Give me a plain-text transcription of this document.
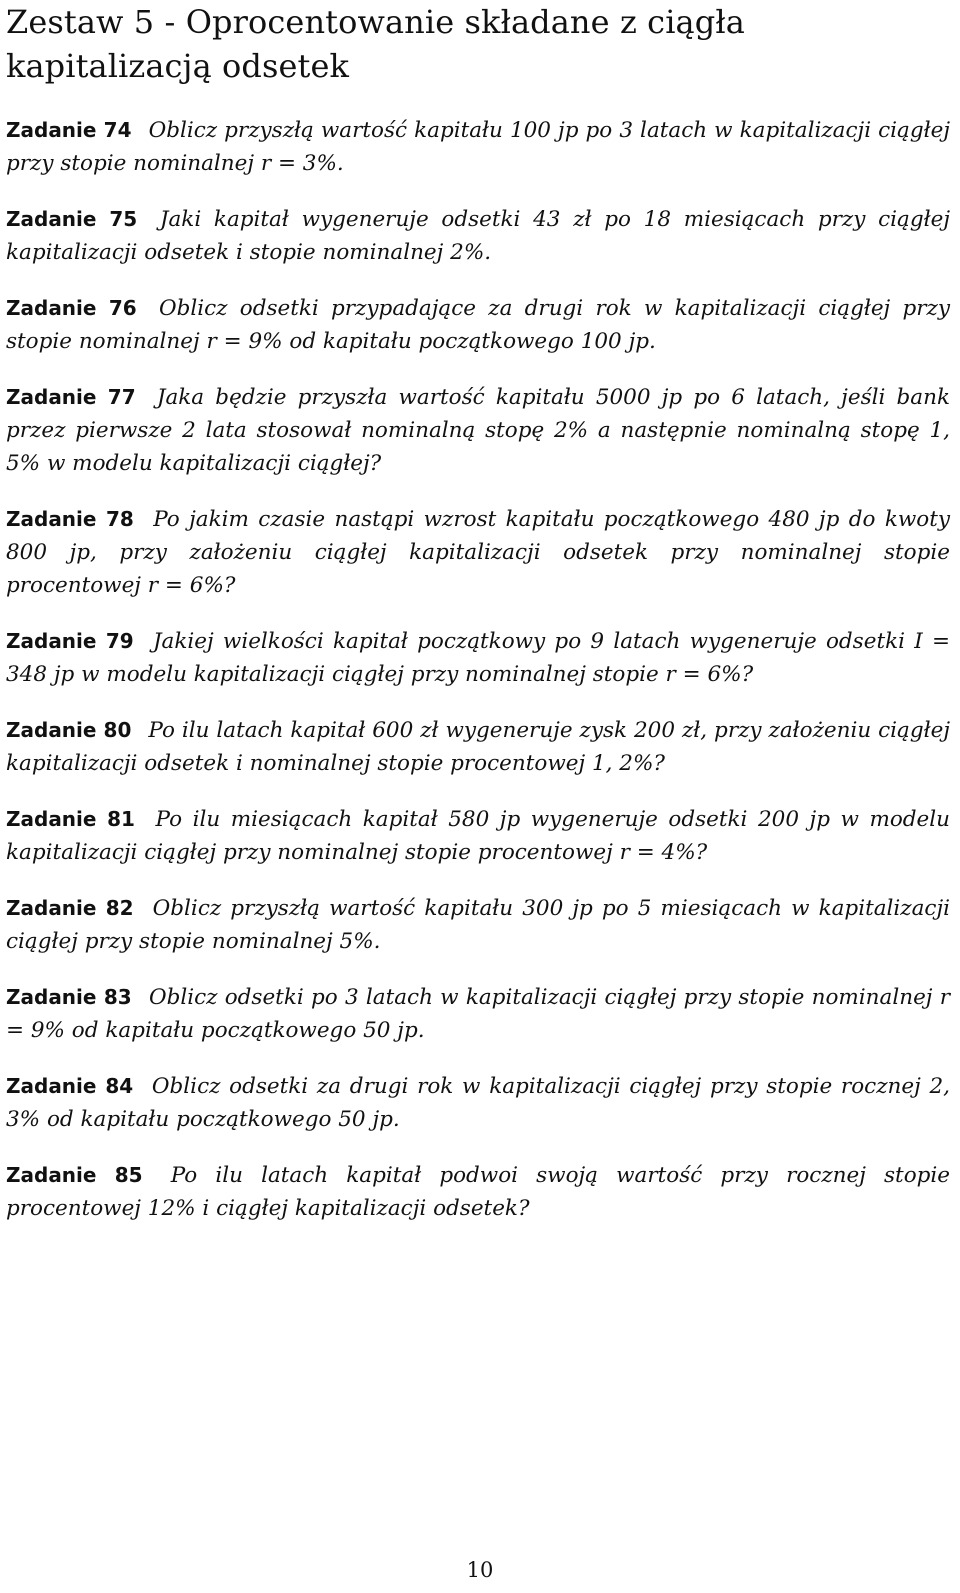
Zestaw 5 - Oprocentowanie składane z ciągła kapitalizacją odsetek

Zadanie 74 Oblicz przyszłą wartość kapitału 100 jp po 3 latach w kapitalizacji ciągłej przy stopie nominalnej r = 3%.

Zadanie 75 Jaki kapitał wygeneruje odsetki 43 zł po 18 miesiącach przy ciągłej kapitalizacji odsetek i stopie nominalnej 2%.

Zadanie 76 Oblicz odsetki przypadające za drugi rok w kapitalizacji ciągłej przy stopie nominalnej r = 9% od kapitału początkowego 100 jp.

Zadanie 77 Jaka będzie przyszła wartość kapitału 5000 jp po 6 latach, jeśli bank przez pierwsze 2 lata stosował nominalną stopę 2% a następnie nominalną stopę 1, 5% w modelu kapitalizacji ciągłej?

Zadanie 78 Po jakim czasie nastąpi wzrost kapitału początkowego 480 jp do kwoty 800 jp, przy założeniu ciągłej kapitalizacji odsetek przy nominalnej stopie procentowej r = 6%?

Zadanie 79 Jakiej wielkości kapitał początkowy po 9 latach wygeneruje odsetki I = 348 jp w modelu kapitalizacji ciągłej przy nominalnej stopie r = 6%?

Zadanie 80 Po ilu latach kapitał 600 zł wygeneruje zysk 200 zł, przy założeniu ciągłej kapitalizacji odsetek i nominalnej stopie procentowej 1, 2%?

Zadanie 81 Po ilu miesiącach kapitał 580 jp wygeneruje odsetki 200 jp w modelu kapitalizacji ciągłej przy nominalnej stopie procentowej r = 4%?

Zadanie 82 Oblicz przyszłą wartość kapitału 300 jp po 5 miesiącach w kapitalizacji ciągłej przy stopie nominalnej 5%.

Zadanie 83 Oblicz odsetki po 3 latach w kapitalizacji ciągłej przy stopie nominalnej r = 9% od kapitału początkowego 50 jp.

Zadanie 84 Oblicz odsetki za drugi rok w kapitalizacji ciągłej przy stopie rocznej 2, 3% od kapitału początkowego 50 jp.

Zadanie 85 Po ilu latach kapitał podwoi swoją wartość przy rocznej stopie procentowej 12% i ciągłej kapitalizacji odsetek?

10
